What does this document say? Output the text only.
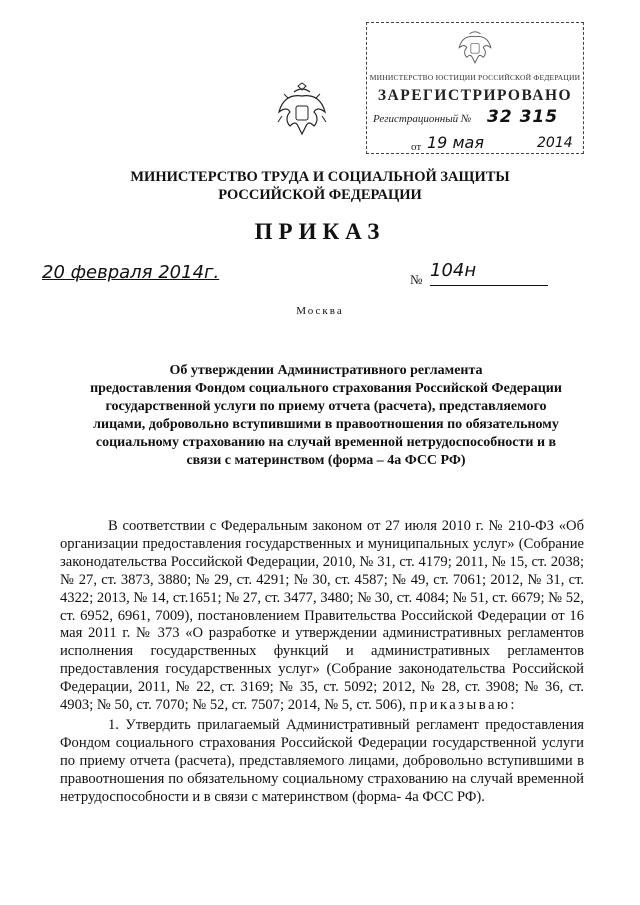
МИНИСТЕРСТВО ЮСТИЦИИ РОССИЙСКОЙ ФЕДЕРАЦИИ
ЗАРЕГИСТРИРОВАНО
Регистрационный № 32 315
от 19 мая	2014
МИНИСТЕРСТВО ТРУДА И СОЦИАЛЬНОЙ ЗАЩИТЫ
РОССИЙСКОЙ ФЕДЕРАЦИИ
ПРИКАЗ
20 февраля 2014г.	№ 104н
Москва
Об утверждении Административного регламента
предоставления Фондом социального страхования Российской Федерации
государственной услуги по приему отчета (расчета), представляемого
лицами, добровольно вступившими в правоотношения по обязательному
социальному страхованию на случай временной нетрудоспособности и в
связи с материнством (форма – 4а ФСС РФ)

В соответствии с Федеральным законом от 27 июля 2010 г. № 210-ФЗ «Об организации предоставления государственных и муниципальных услуг» (Собрание законодательства Российской Федерации, 2010, № 31, ст. 4179; 2011, № 15, ст. 2038; № 27, ст. 3873, 3880; № 29, ст. 4291; № 30, ст. 4587; № 49, ст. 7061; 2012, № 31, ст. 4322; 2013, № 14, ст.1651; № 27, ст. 3477, 3480; № 30, ст. 4084; № 51, ст. 6679; № 52, ст. 6952, 6961, 7009), постановлением Правительства Российской Федерации от 16 мая 2011 г. № 373 «О разработке и утверждении административных регламентов исполнения государственных функций и административных регламентов предоставления государственных услуг» (Собрание законодательства Российской Федерации, 2011, № 22, ст. 3169; № 35, ст. 5092; 2012, № 28, ст. 3908; № 36, ст. 4903; № 50, ст. 7070; № 52, ст. 7507; 2014, № 5, ст. 506), приказываю:

1. Утвердить прилагаемый Административный регламент предоставления Фондом социального страхования Российской Федерации государственной услуги по приему отчета (расчета), представляемого лицами, добровольно вступившими в правоотношения по обязательному социальному страхованию на случай временной нетрудоспособности и в связи с материнством (форма- 4а ФСС РФ).
